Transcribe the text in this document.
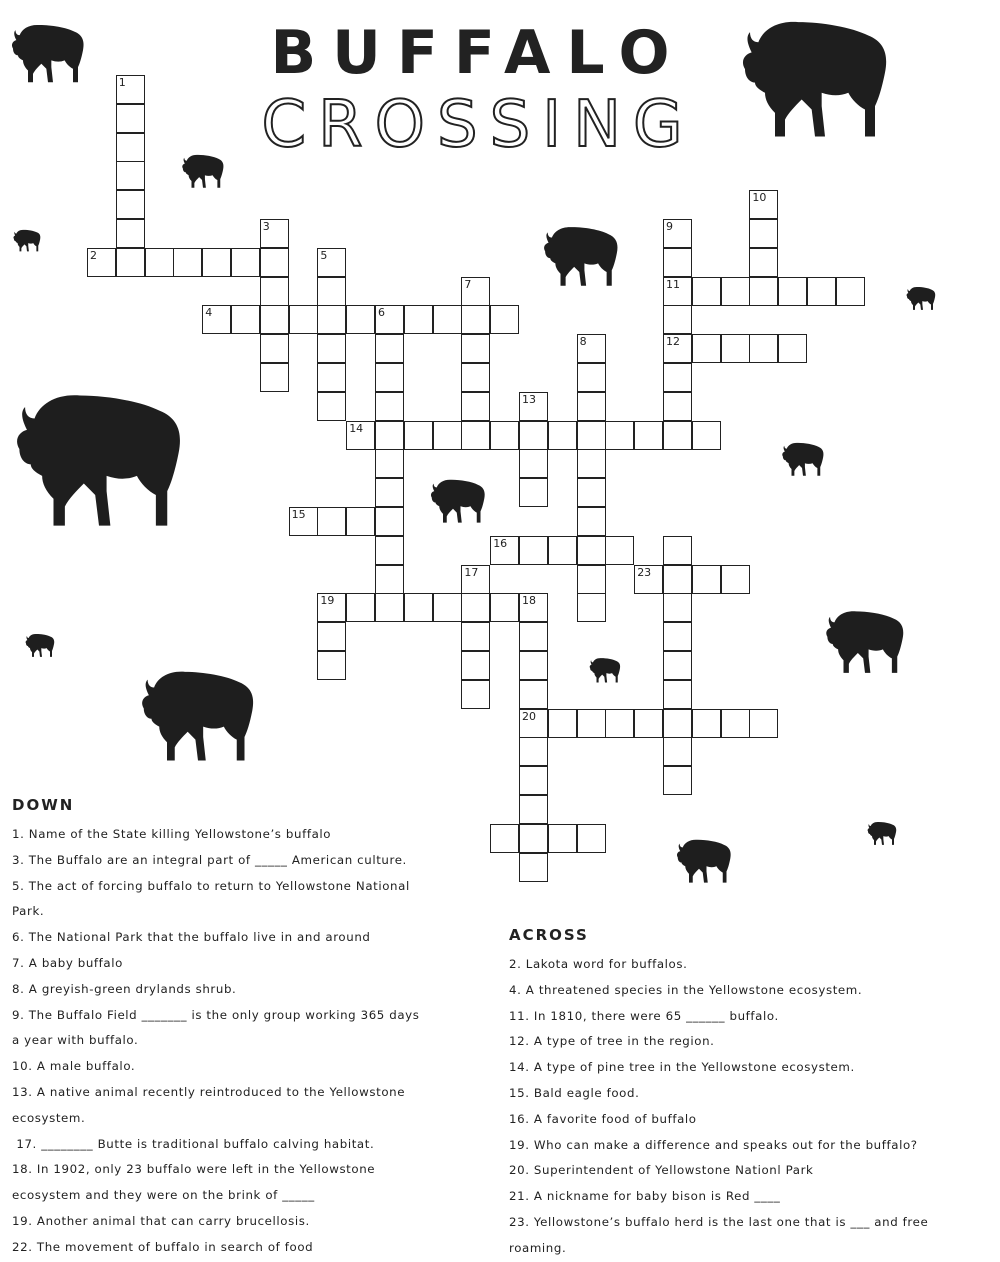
BUFFALO
CROSSING
1
2
3
4	6
5
7
8
9
11
12
10
13
14
15
16
17	23
19	18
20
DOWN
1. Name of the State killing Yellowstone’s buffalo
3. The Buffalo are an integral part of _____ American culture.
5. The act of forcing buffalo to return to Yellowstone National
Park.
6. The National Park that the buffalo live in and around
7. A baby buffalo
8. A greyish-green drylands shrub.
9. The Buffalo Field _______ is the only group working 365 days
a year with buffalo.
10. A male buffalo.
13. A native animal recently reintroduced to the Yellowstone
ecosystem.
17. ________ Butte is traditional buffalo calving habitat.
18. In 1902, only 23 buffalo were left in the Yellowstone
ecosystem and they were on the brink of _____
19. Another animal that can carry brucellosis.
22. The movement of buffalo in search of food
ACROSS
2. Lakota word for buffalos.
4. A threatened species in the Yellowstone ecosystem.
11. In 1810, there were 65 ______ buffalo.
12. A type of tree in the region.
14. A type of pine tree in the Yellowstone ecosystem.
15. Bald eagle food.
16. A favorite food of buffalo
19. Who can make a difference and speaks out for the buffalo?
20. Superintendent of Yellowstone Nationl Park
21. A nickname for baby bison is Red ____
23. Yellowstone’s buffalo herd is the last one that is ___ and free
roaming.
